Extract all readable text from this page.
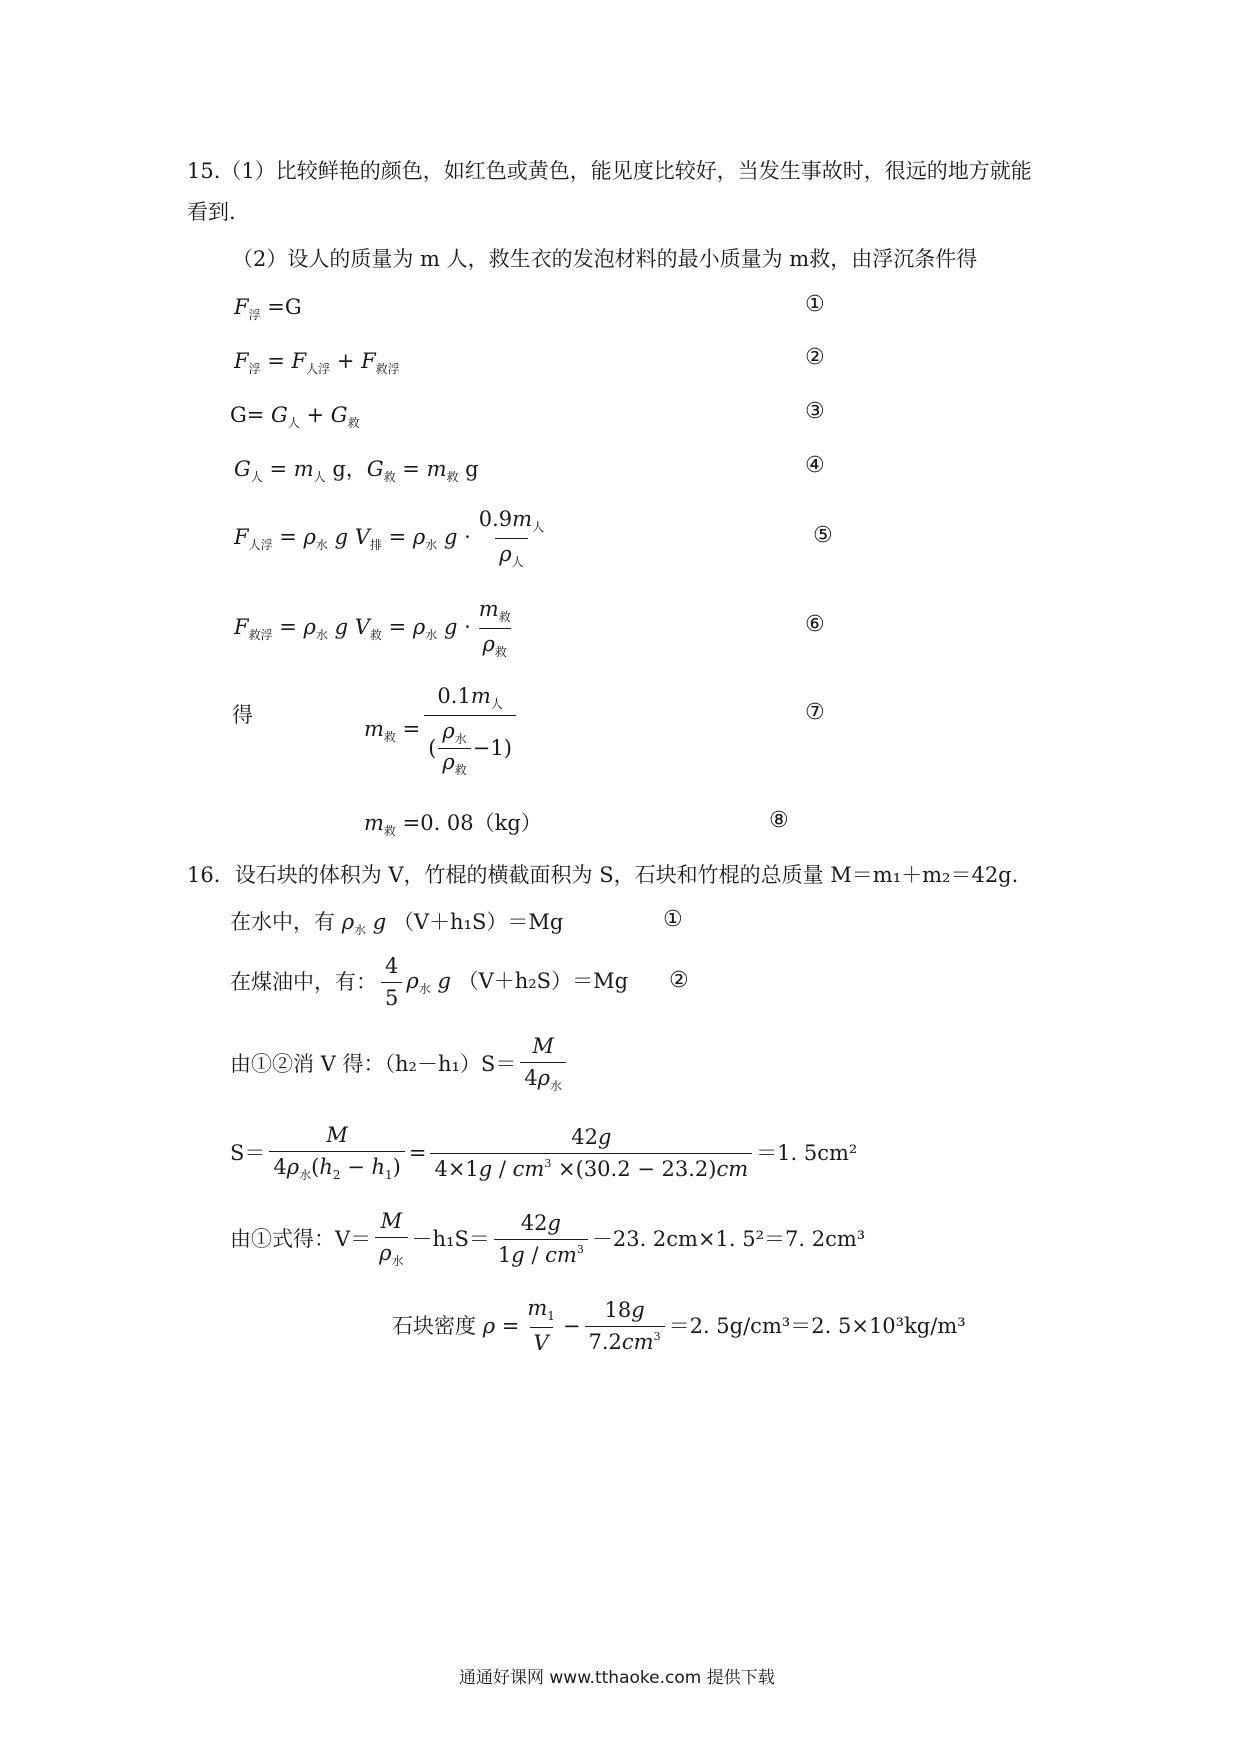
15.（1）比较鲜艳的颜色，如红色或黄色，能见度比较好，当发生事故时，很远的地方就能
看到.
（2）设人的质量为 m 人，救生衣的发泡材料的最小质量为 m救，由浮沉条件得
$F_浮 =G$	①
$F_浮 = F_{人浮} + F_{救浮}$	②
$G= G_人 + G_救$	③
$G_人 = m_人$ g，$G_救 = m_救$ g	④
$F_{人浮} = \rho_水$ g $V_排 = \rho_水$ $g \cdot \frac{0.9m_人}{\rho_人}$	⑤
$F_{救浮} = \rho_水$ g $V_救 = \rho_水$ $g \cdot \frac{m_救}{\rho_救}$	⑥
得
$m_救 = \frac{0.1m_人}{( \frac{\rho_水}{\rho_救} -1)}$	⑦
$m_救 =0$. 08（kg）	⑧
16．设石块的体积为 V，竹棍的横截面积为 S，石块和竹棍的总质量 M＝m₁＋m₂＝42g.
在水中，有 $\rho_水$ g （V＋h₁S）＝Mg	①
在煤油中，有： $\frac{4}{5} \rho_水$ g （V＋h₂S）＝Mg ②
由①②消 V 得：$(h_2-h_1)S= \frac{M}{4\rho_水}$
$S= \frac{M}{4\rho_水(h_2 - h_1)} = \frac{42g}{4\times 1g / cm^3 \times(30.2 - 23.2)cm} =1$. 5cm²
由①式得：$V= \frac{M}{\rho_水} -h_1S= \frac{42g}{1g / cm^3} -23$. 2cm×1. 5²＝7. 2cm³
石块密度
$\rho = \frac{m_1}{V} - \frac{18g}{7.2cm^3} =2$. 5g/cm³＝2. 5×10³kg/m³
通通好课网 www.tthaoke.com 提供下载
